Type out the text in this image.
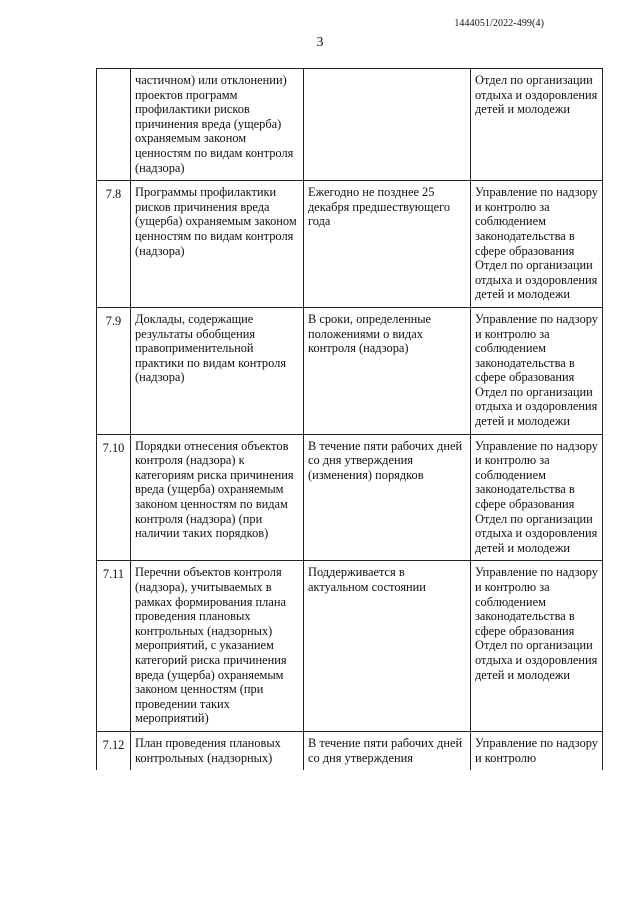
1444051/2022-499(4)
3
	частичном) или отклонении) проектов программ профилактики рисков причинения вреда (ущерба) охраняемым законом ценностям по видам контроля (надзора)		Отдел по организации отдыха и оздоровления детей и молодежи
7.8	Программы профилактики рисков причинения вреда (ущерба) охраняемым законом ценностям по видам контроля (надзора)	Ежегодно не позднее 25 декабря предшествующего года	Управление по надзору и контролю за соблюдением законодательства в сфере образования Отдел по организации отдыха и оздоровления детей и молодежи
7.9	Доклады, содержащие результаты обобщения правоприменительной практики по видам контроля (надзора)	В сроки, определенные положениями о видах контроля (надзора)	Управление по надзору и контролю за соблюдением законодательства в сфере образования Отдел по организации отдыха и оздоровления детей и молодежи
7.10	Порядки отнесения объектов контроля (надзора) к категориям риска причинения вреда (ущерба) охраняемым законом ценностям по видам контроля (надзора) (при наличии таких порядков)	В течение пяти рабочих дней со дня утверждения (изменения) порядков	Управление по надзору и контролю за соблюдением законодательства в сфере образования Отдел по организации отдыха и оздоровления детей и молодежи
7.11	Перечни объектов контроля (надзора), учитываемых в рамках формирования плана проведения плановых контрольных (надзорных) мероприятий, с указанием категорий риска причинения вреда (ущерба) охраняемым законом ценностям (при проведении таких мероприятий)	Поддерживается в актуальном состоянии	Управление по надзору и контролю за соблюдением законодательства в сфере образования Отдел по организации отдыха и оздоровления детей и молодежи
7.12	План проведения плановых контрольных (надзорных)	В течение пяти рабочих дней со дня утверждения	Управление по надзору и контролю
